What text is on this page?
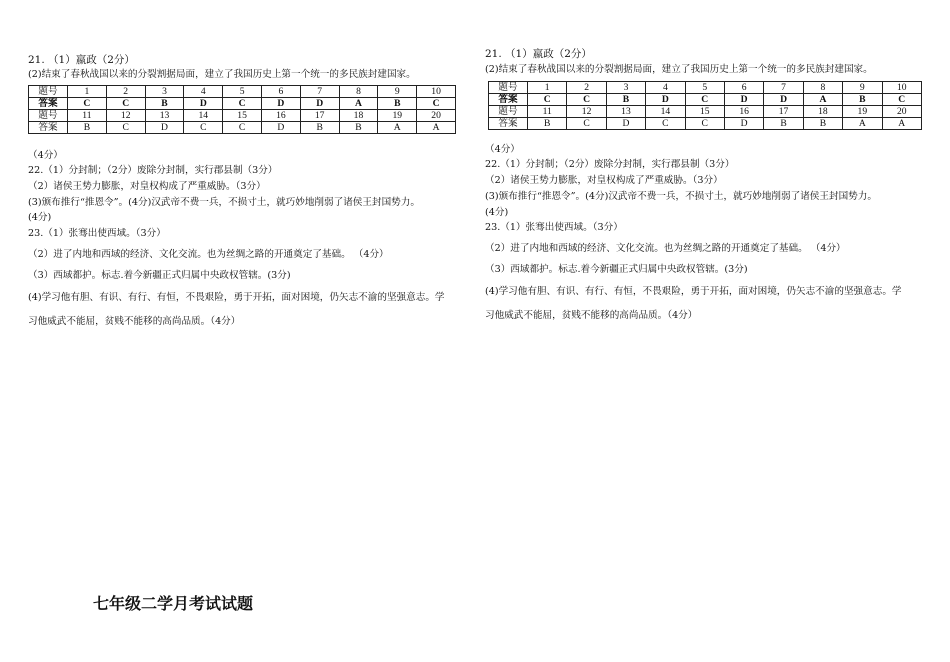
21. （1）嬴政（2分）
(2)结束了春秋战国以来的分裂割据局面，建立了我国历史上第一个统一的多民族封建国家。
题号	1	2	3	4	5	6	7	8	9	10
答案	C	C	B	D	C	D	D	A	B	C
题号	11	12	13	14	15	16	17	18	19	20
答案	B	C	D	C	C	D	B	B	A	A
（4分）
22.（1）分封制；（2分）废除分封制，实行郡县制（3分）
（2）诸侯王势力膨胀，对皇权构成了严重威胁。（3分）
(3)颁布推行“推恩令”。(4分)汉武帝不费一兵，不损寸土，就巧妙地削弱了诸侯王封国势力。
(4分)
23.（1）张骞出使西域。（3分）
（2）进了内地和西域的经济、文化交流。也为丝绸之路的开通奠定了基础。 （4分）
（3）西域都护。标志.着今新疆正式归属中央政权管辖。(3分)
(4)学习他有胆、有识、有行、有恒，不畏艰险，勇于开拓，面对困境，仍矢志不渝的坚强意志。学
习他威武不能屈，贫贱不能移的高尚品质。（4分）
21. （1）嬴政（2分）
(2)结束了春秋战国以来的分裂割据局面，建立了我国历史上第一个统一的多民族封建国家。
题号	1	2	3	4	5	6	7	8	9	10
答案	C	C	B	D	C	D	D	A	B	C
题号	11	12	13	14	15	16	17	18	19	20
答案	B	C	D	C	C	D	B	B	A	A
（4分）
22.（1）分封制；（2分）废除分封制，实行郡县制（3分）
（2）诸侯王势力膨胀，对皇权构成了严重威胁。（3分）
(3)颁布推行“推恩令”。(4分)汉武帝不费一兵，不损寸土，就巧妙地削弱了诸侯王封国势力。
(4分)
23.（1）张骞出使西域。（3分）
（2）进了内地和西域的经济、文化交流。也为丝绸之路的开通奠定了基础。 （4分）
（3）西域都护。标志.着今新疆正式归属中央政权管辖。(3分)
(4)学习他有胆、有识、有行、有恒，不畏艰险，勇于开拓，面对困境，仍矢志不渝的坚强意志。学
习他威武不能屈，贫贱不能移的高尚品质。（4分）
七年级二学月考试试题
